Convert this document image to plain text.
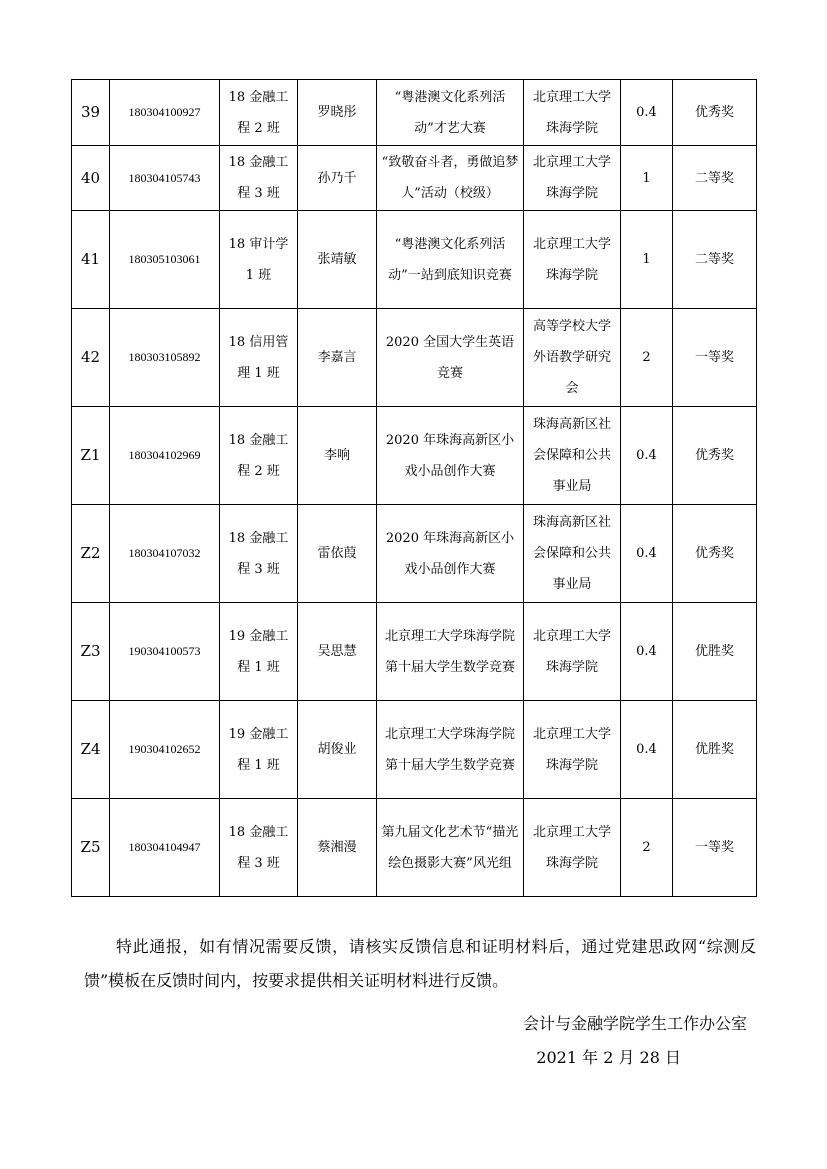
39	180304100927	18 金融工程 2 班	罗晓彤	“粤港澳文化系列活动”才艺大赛	北京理工大学珠海学院	0.4	优秀奖
40	180304105743	18 金融工程 3 班	孙乃千	“致敬奋斗者，勇做追梦人”活动（校级）	北京理工大学珠海学院	1	二等奖
41	180305103061	18 审计学 1 班	张靖敏	“粤港澳文化系列活动”一站到底知识竞赛	北京理工大学珠海学院	1	二等奖
42	180303105892	18 信用管理 1 班	李嘉言	2020 全国大学生英语竞赛	高等学校大学外语教学研究会	2	一等奖
Z1	180304102969	18 金融工程 2 班	李响	2020 年珠海高新区小戏小品创作大赛	珠海高新区社会保障和公共事业局	0.4	优秀奖
Z2	180304107032	18 金融工程 3 班	雷依葭	2020 年珠海高新区小戏小品创作大赛	珠海高新区社会保障和公共事业局	0.4	优秀奖
Z3	190304100573	19 金融工程 1 班	吴思慧	北京理工大学珠海学院第十届大学生数学竞赛	北京理工大学珠海学院	0.4	优胜奖
Z4	190304102652	19 金融工程 1 班	胡俊业	北京理工大学珠海学院第十届大学生数学竞赛	北京理工大学珠海学院	0.4	优胜奖
Z5	180304104947	18 金融工程 3 班	蔡湘漫	第九届文化艺术节“描光绘色摄影大赛”风光组	北京理工大学珠海学院	2	一等奖

特此通报，如有情况需要反馈，请核实反馈信息和证明材料后，通过党建思政网“综测反馈”模板在反馈时间内，按要求提供相关证明材料进行反馈。

会计与金融学院学生工作办公室

2021 年 2 月 28 日
